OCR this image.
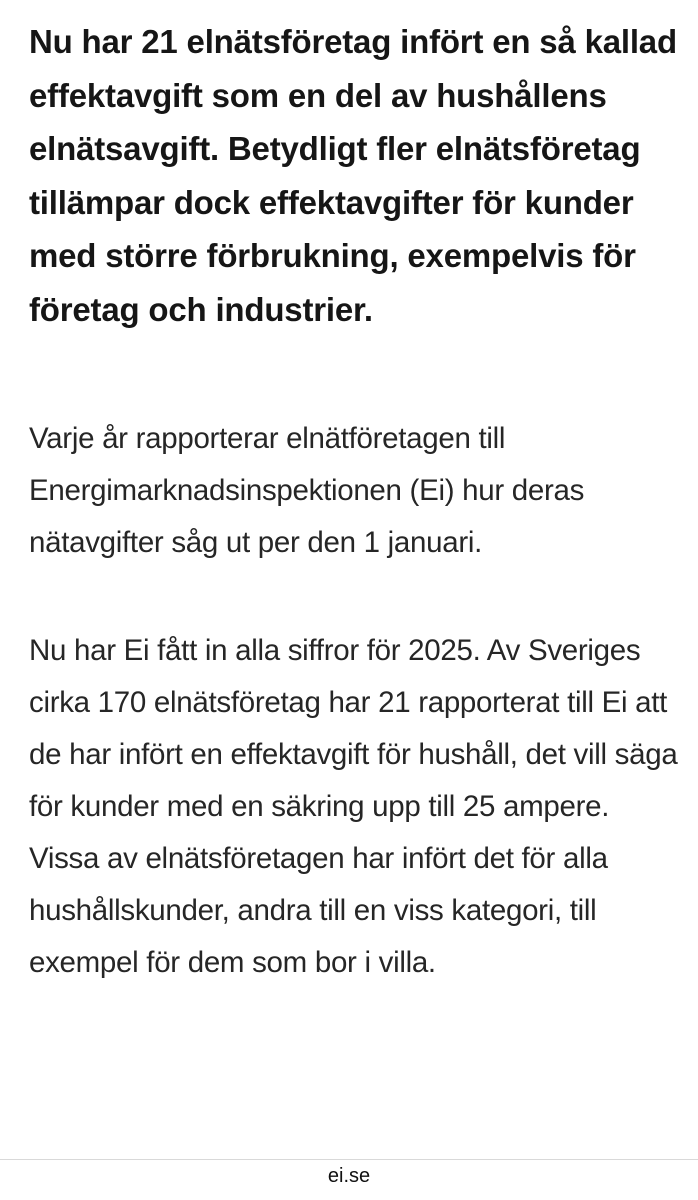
Nu har 21 elnätsföretag infört en så kallad effektavgift som en del av hushållens elnätsavgift. Betydligt fler elnätsföretag tillämpar dock effektavgifter för kunder med större förbrukning, exempelvis för företag och industrier.

Varje år rapporterar elnätföretagen till Energimarknadsinspektionen (Ei) hur deras nätavgifter såg ut per den 1 januari.

Nu har Ei fått in alla siffror för 2025. Av Sveriges cirka 170 elnätsföretag har 21 rapporterat till Ei att de har infört en effektavgift för hushåll, det vill säga för kunder med en säkring upp till 25 ampere. Vissa av elnätsföretagen har infört det för alla hushållskunder, andra till en viss kategori, till exempel för dem som bor i villa.

ei.se
